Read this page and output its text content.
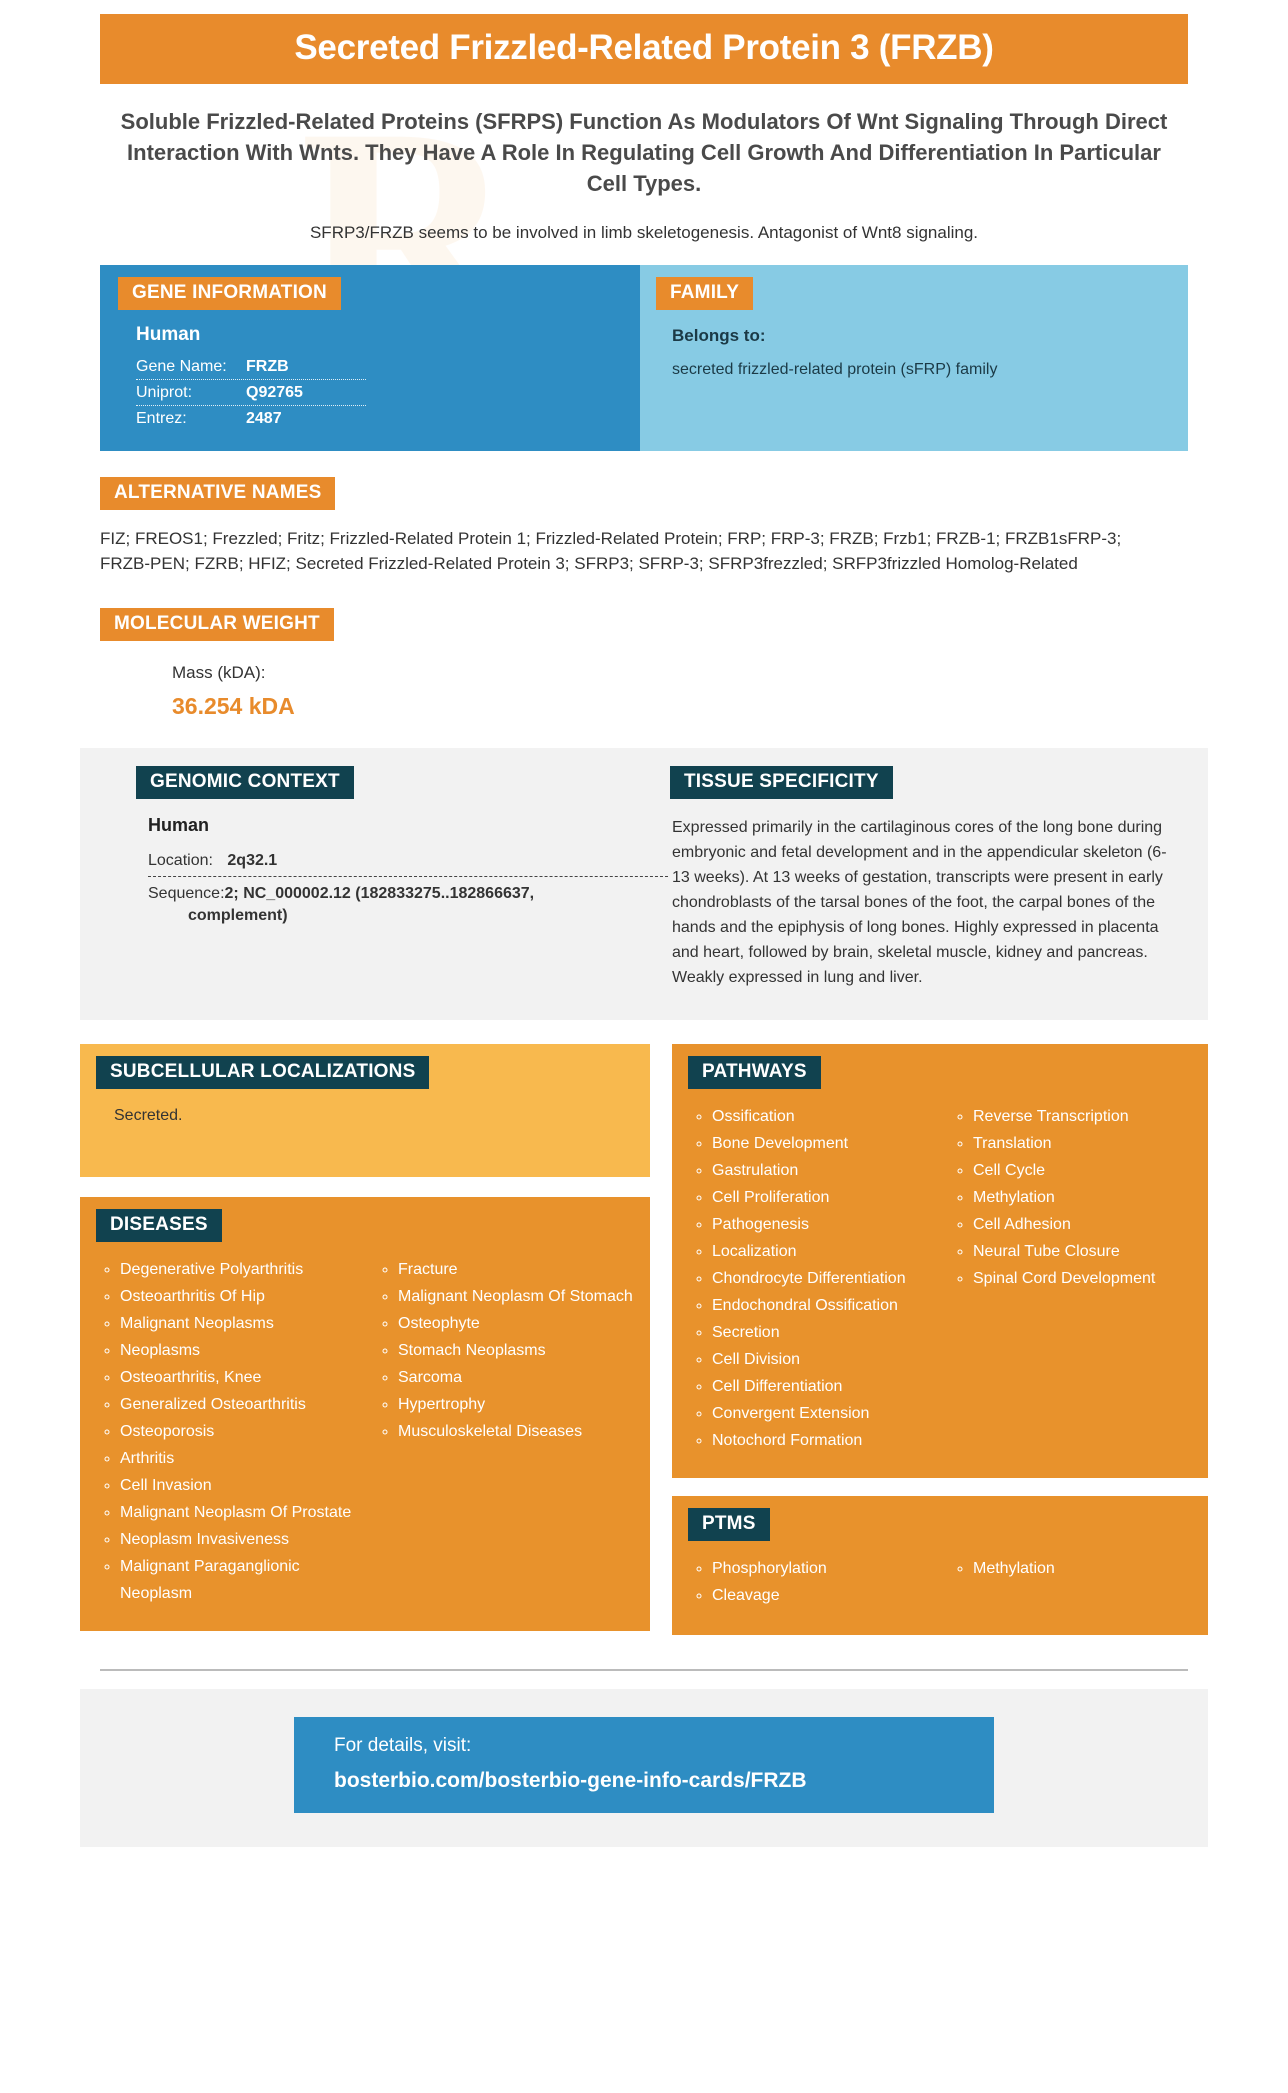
R
Secreted Frizzled-Related Protein 3 (FRZB)
Soluble Frizzled-Related Proteins (SFRPS) Function As Modulators Of Wnt Signaling Through Direct Interaction With Wnts. They Have A Role In Regulating Cell Growth And Differentiation In Particular Cell Types.
SFRP3/FRZB seems to be involved in limb skeletogenesis. Antagonist of Wnt8 signaling.
GENE INFORMATION
Human
Gene Name:	FRZB
Uniprot:	Q92765
Entrez:	2487
FAMILY
Belongs to:
secreted frizzled-related protein (sFRP) family
ALTERNATIVE NAMES
FIZ; FREOS1; Frezzled; Fritz; Frizzled-Related Protein 1; Frizzled-Related Protein; FRP; FRP-3; FRZB; Frzb1; FRZB-1; FRZB1sFRP-3; FRZB-PEN; FZRB; HFIZ; Secreted Frizzled-Related Protein 3; SFRP3; SFRP-3; SFRP3frezzled; SRFP3frizzled Homolog-Related
MOLECULAR WEIGHT
Mass (kDA):
36.254 kDA
GENOMIC CONTEXT
Human
Location: 2q32.1
Sequence:2; NC_000002.12 (182833275..182866637,
complement)
TISSUE SPECIFICITY
Expressed primarily in the cartilaginous cores of the long bone during embryonic and fetal development and in the appendicular skeleton (6-13 weeks). At 13 weeks of gestation, transcripts were present in early chondroblasts of the tarsal bones of the foot, the carpal bones of the hands and the epiphysis of long bones. Highly expressed in placenta and heart, followed by brain, skeletal muscle, kidney and pancreas. Weakly expressed in lung and liver.
SUBCELLULAR LOCALIZATIONS
Secreted.
DISEASES
◦ Degenerative Polyarthritis
◦ Osteoarthritis Of Hip
◦ Malignant Neoplasms
◦ Neoplasms
◦ Osteoarthritis, Knee
◦ Generalized Osteoarthritis
◦ Osteoporosis
◦ Arthritis
◦ Cell Invasion
◦ Malignant Neoplasm Of Prostate
◦ Neoplasm Invasiveness
◦ Malignant Paraganglionic Neoplasm
◦ Fracture
◦ Malignant Neoplasm Of Stomach
◦ Osteophyte
◦ Stomach Neoplasms
◦ Sarcoma
◦ Hypertrophy
◦ Musculoskeletal Diseases
PATHWAYS
◦ Ossification
◦ Bone Development
◦ Gastrulation
◦ Cell Proliferation
◦ Pathogenesis
◦ Localization
◦ Chondrocyte Differentiation
◦ Endochondral Ossification
◦ Secretion
◦ Cell Division
◦ Cell Differentiation
◦ Convergent Extension
◦ Notochord Formation
◦ Reverse Transcription
◦ Translation
◦ Cell Cycle
◦ Methylation
◦ Cell Adhesion
◦ Neural Tube Closure
◦ Spinal Cord Development
PTMS
◦ Phosphorylation
◦ Cleavage
◦ Methylation
For details, visit:
bosterbio.com/bosterbio-gene-info-cards/FRZB
